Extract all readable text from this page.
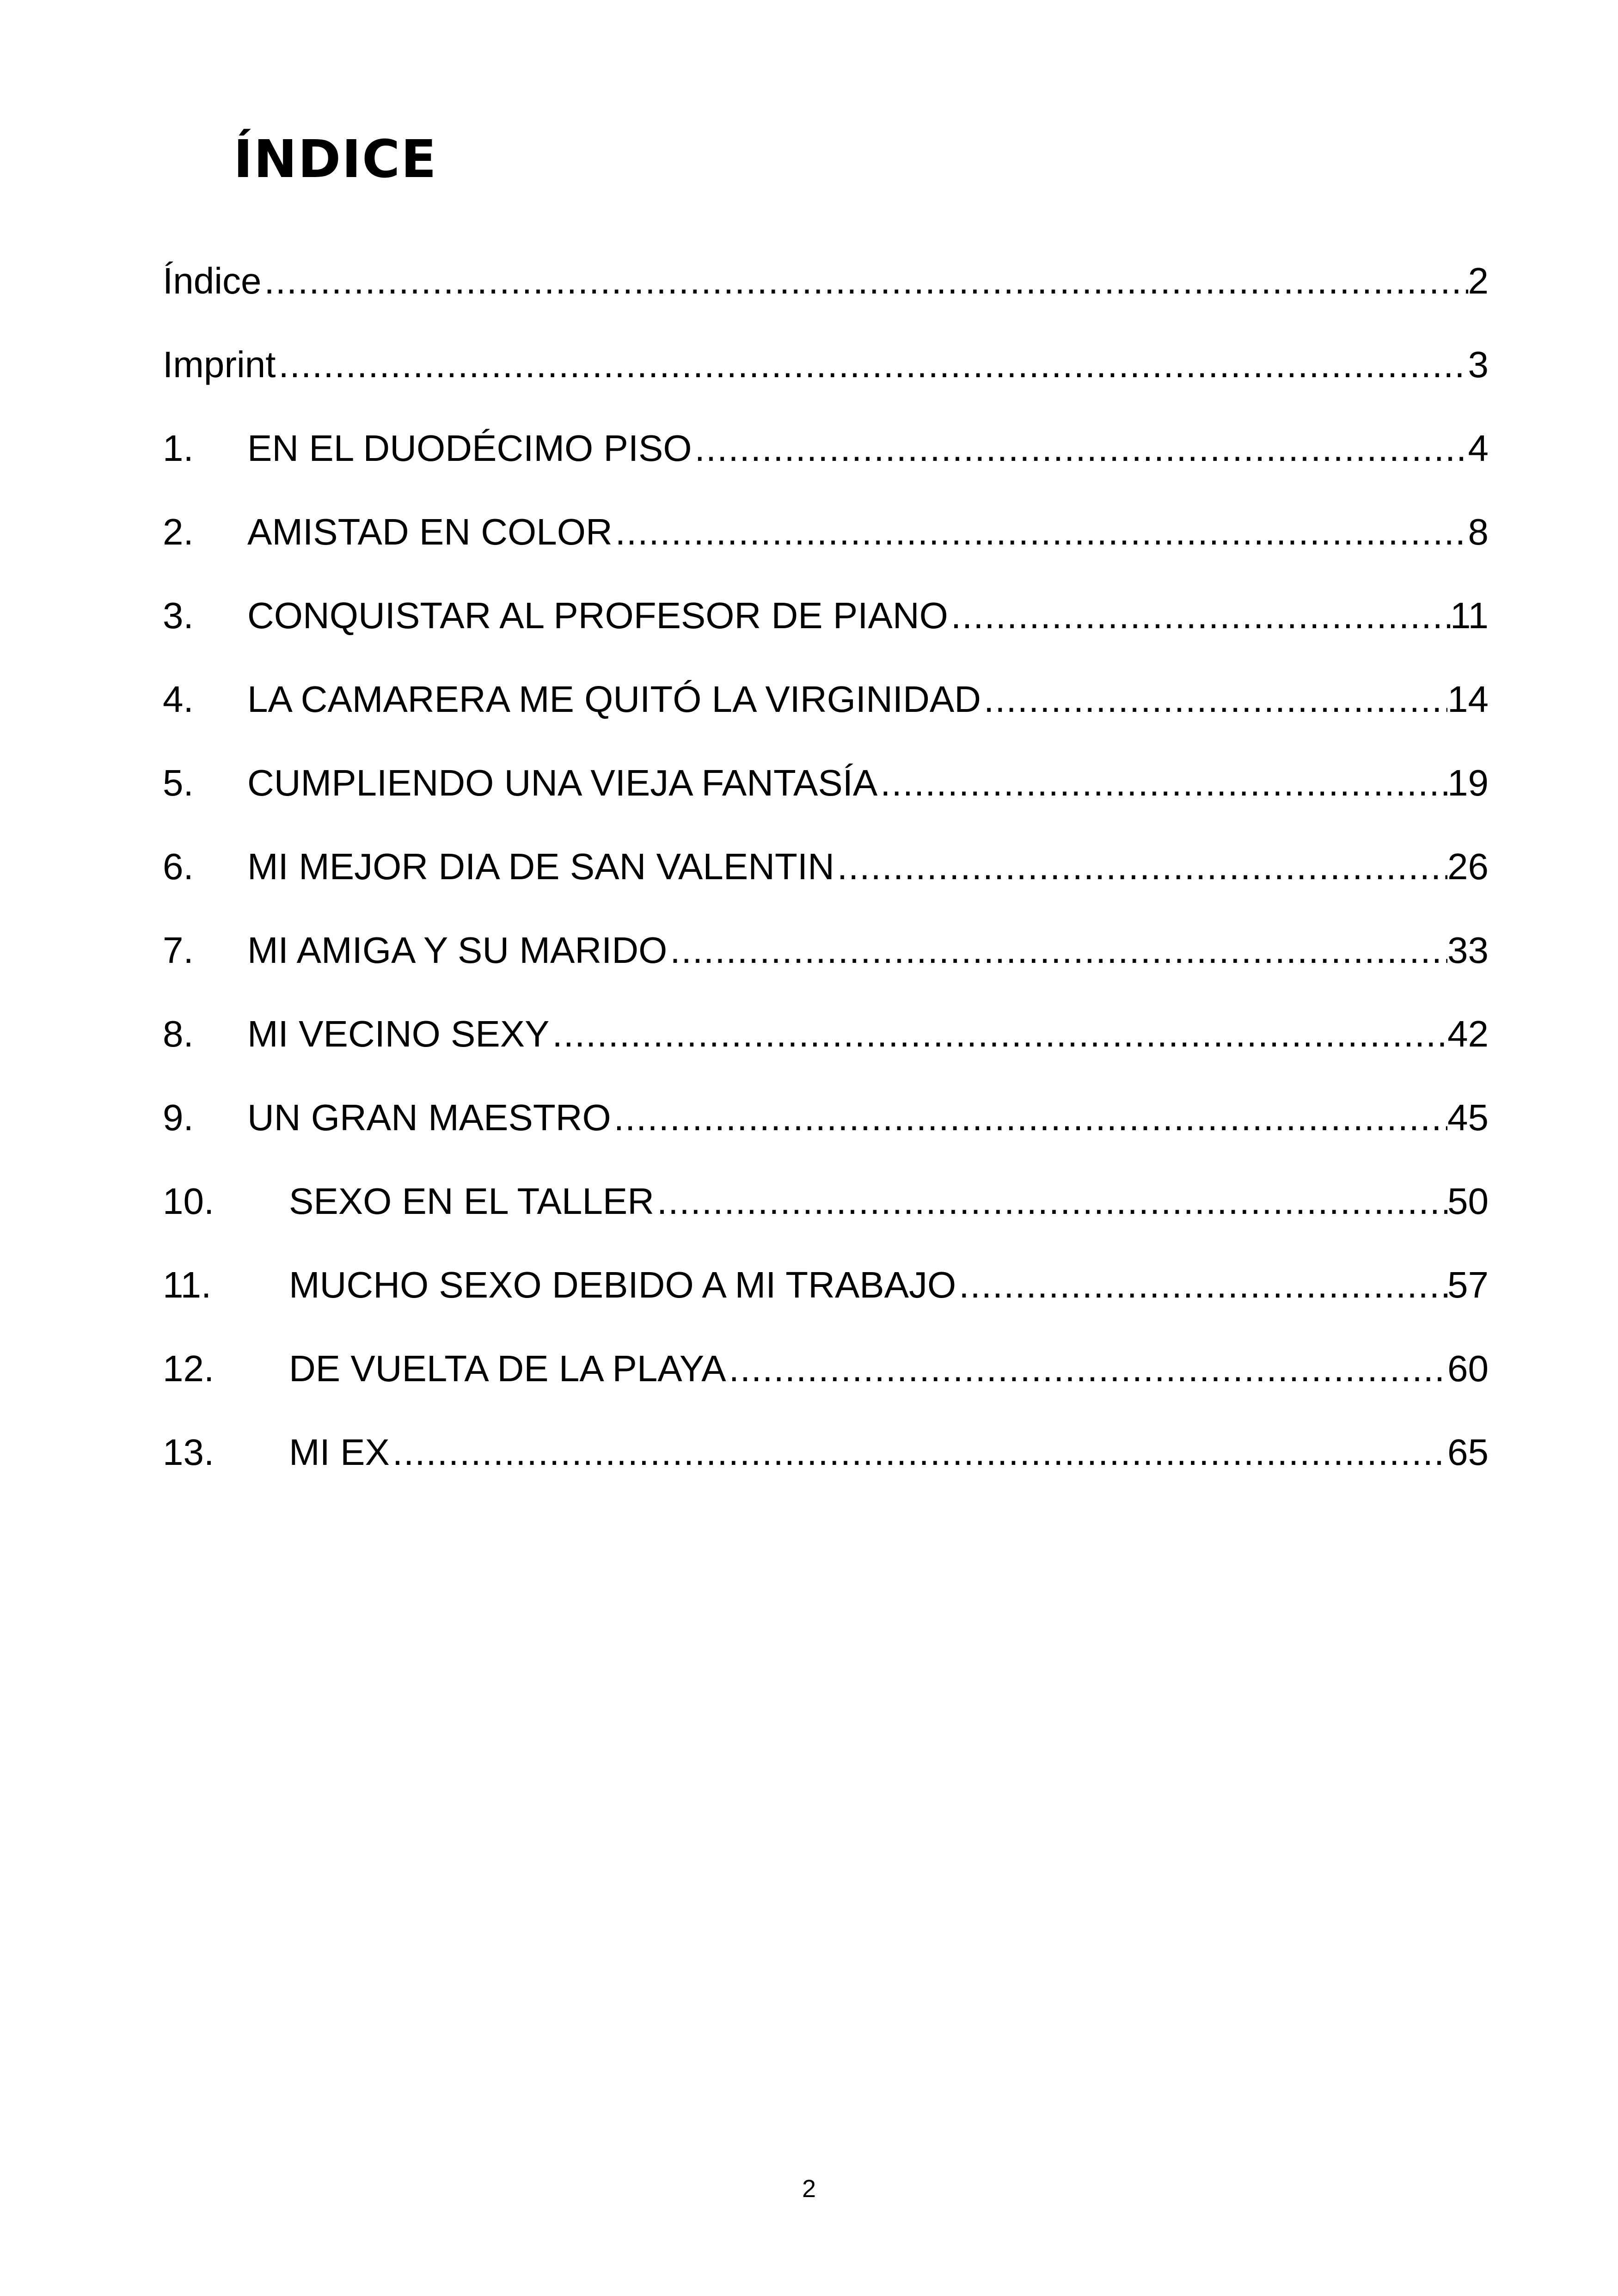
ÍNDICE
Índice .....	2
Imprint .....	3
1.	EN EL DUODÉCIMO PISO .....	4
2.	AMISTAD EN COLOR .....	8
3.	CONQUISTAR AL PROFESOR DE PIANO .....	11
4.	LA CAMARERA ME QUITÓ LA VIRGINIDAD .....	14
5.	CUMPLIENDO UNA VIEJA FANTASÍA .....	19
6.	MI MEJOR DIA DE SAN VALENTIN .....	26
7.	MI AMIGA Y SU MARIDO .....	33
8.	MI VECINO SEXY .....	42
9.	UN GRAN MAESTRO .....	45
10.	SEXO EN EL TALLER .....	50
11.	MUCHO SEXO DEBIDO A MI TRABAJO .....	57
12.	DE VUELTA DE LA PLAYA .....	60
13.	MI EX .....	65
2
